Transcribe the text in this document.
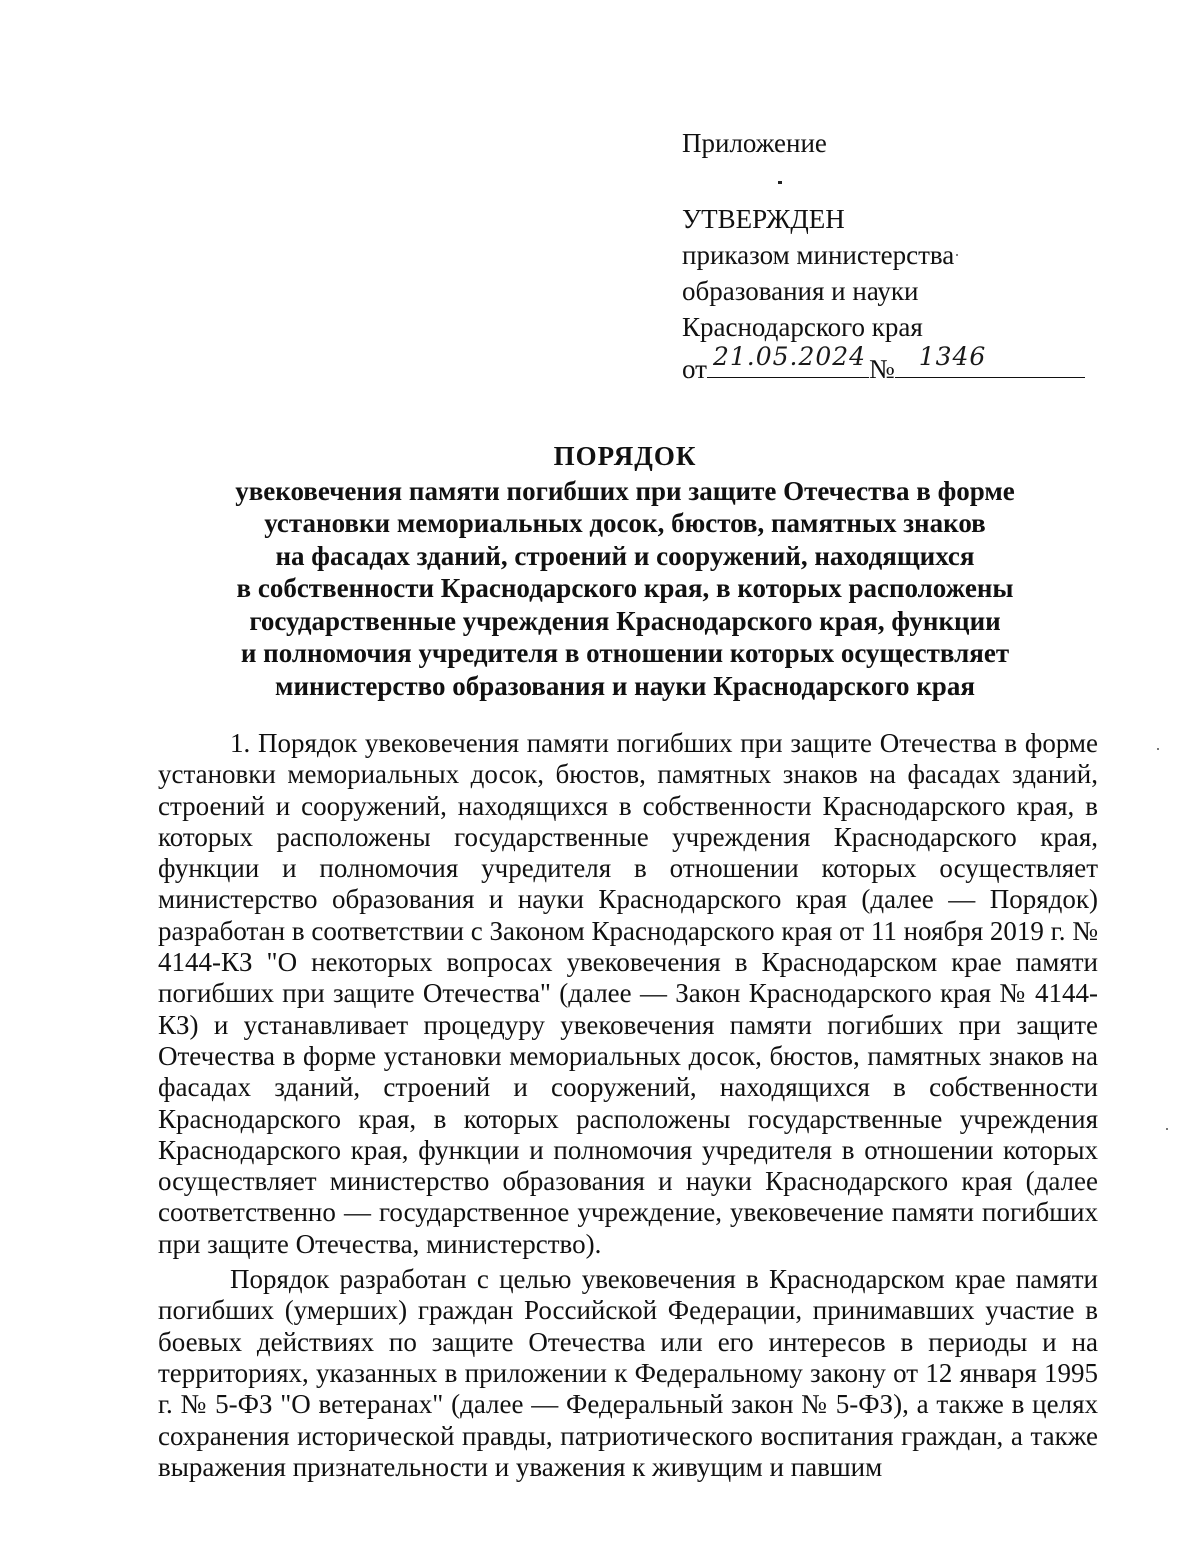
Приложение
УТВЕРЖДЕН
приказом министерства
образования и науки
Краснодарского края
от 21.05.2024 № 1346
ПОРЯДОК
увековечения памяти погибших при защите Отечества в форме
установки мемориальных досок, бюстов, памятных знаков
на фасадах зданий, строений и сооружений, находящихся
в собственности Краснодарского края, в которых расположены
государственные учреждения Краснодарского края, функции
и полномочия учредителя в отношении которых осуществляет
министерство образования и науки Краснодарского края

1. Порядок увековечения памяти погибших при защите Отечества в форме установки мемориальных досок, бюстов, памятных знаков на фасадах зданий, строений и сооружений, находящихся в собственности Краснодарского края, в которых расположены государственные учреждения Краснодарского края, функции и полномочия учредителя в отношении которых осуществляет министерство образования и науки Краснодарского края (далее — Порядок) разработан в соответствии с Законом Краснодарского края от 11 ноября 2019 г. № 4144-КЗ "О некоторых вопросах увековечения в Краснодарском крае памяти погибших при защите Отечества" (далее — Закон Краснодарского края № 4144-КЗ) и устанавливает процедуру увековечения памяти погибших при защите Отечества в форме установки мемориальных досок, бюстов, памятных знаков на фасадах зданий, строений и сооружений, находящихся в собственности Краснодарского края, в которых расположены государственные учреждения Краснодарского края, функции и полномочия учредителя в отношении которых осуществляет министерство образования и науки Краснодарского края (далее соответственно — государственное учреждение, увековечение памяти погибших при защите Отечества, министерство).

Порядок разработан с целью увековечения в Краснодарском крае памяти погибших (умерших) граждан Российской Федерации, принимавших участие в боевых действиях по защите Отечества или его интересов в периоды и на территориях, указанных в приложении к Федеральному закону от 12 января 1995 г. № 5-ФЗ "О ветеранах" (далее — Федеральный закон № 5-ФЗ), а также в целях сохранения исторической правды, патриотического воспитания граждан, а также выражения признательности и уважения к живущим и павшим
